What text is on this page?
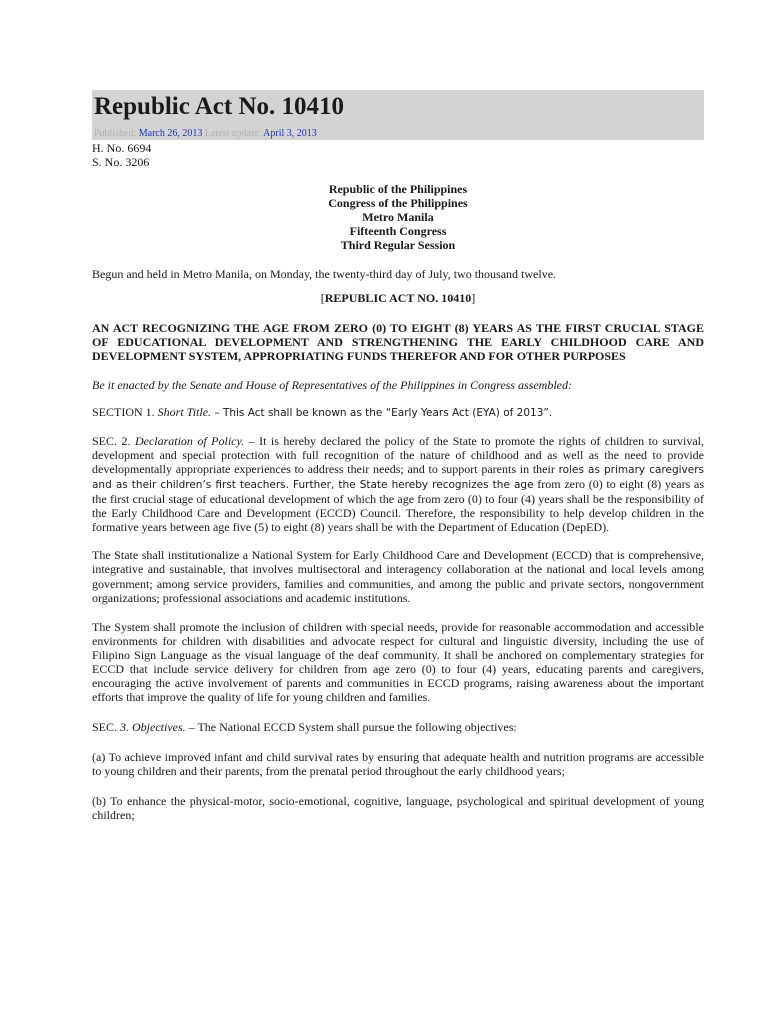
Republic Act No. 10410
Published: March 26, 2013 Latest update: April 3, 2013
H. No. 6694
S. No. 3206
Republic of the Philippines
Congress of the Philippines
Metro Manila
Fifteenth Congress
Third Regular Session

Begun and held in Metro Manila, on Monday, the twenty-third day of July, two thousand twelve.

[REPUBLIC ACT NO. 10410]

AN ACT RECOGNIZING THE AGE FROM ZERO (0) TO EIGHT (8) YEARS AS THE FIRST CRUCIAL STAGE OF EDUCATIONAL DEVELOPMENT AND STRENGTHENING THE EARLY CHILDHOOD CARE AND DEVELOPMENT SYSTEM, APPROPRIATING FUNDS THEREFOR AND FOR OTHER PURPOSES

Be it enacted by the Senate and House of Representatives of the Philippines in Congress assembled:

SECTION 1. Short Title. – This Act shall be known as the “Early Years Act (EYA) of 2013”.

SEC. 2. Declaration of Policy. – It is hereby declared the policy of the State to promote the rights of children to survival, development and special protection with full recognition of the nature of childhood and as well as the need to provide developmentally appropriate experiences to address their needs; and to support parents in their roles as primary caregivers and as their children’s first teachers. Further, the State hereby recognizes the age from zero (0) to eight (8) years as the first crucial stage of educational development of which the age from zero (0) to four (4) years shall be the responsibility of the Early Childhood Care and Development (ECCD) Council. Therefore, the responsibility to help develop children in the formative years between age five (5) to eight (8) years shall be with the Department of Education (DepED).

The State shall institutionalize a National System for Early Childhood Care and Development (ECCD) that is comprehensive, integrative and sustainable, that involves multisectoral and interagency collaboration at the national and local levels among government; among service providers, families and communities, and among the public and private sectors, nongovernment organizations; professional associations and academic institutions.

The System shall promote the inclusion of children with special needs, provide for reasonable accommodation and accessible environments for children with disabilities and advocate respect for cultural and linguistic diversity, including the use of Filipino Sign Language as the visual language of the deaf community. It shall be anchored on complementary strategies for ECCD that include service delivery for children from age zero (0) to four (4) years, educating parents and caregivers, encouraging the active involvement of parents and communities in ECCD programs, raising awareness about the important efforts that improve the quality of life for young children and families.

SEC. 3. Objectives. – The National ECCD System shall pursue the following objectives:

(a) To achieve improved infant and child survival rates by ensuring that adequate health and nutrition programs are accessible to young children and their parents, from the prenatal period throughout the early childhood years;

(b) To enhance the physical-motor, socio-emotional, cognitive, language, psychological and spiritual development of young children;
